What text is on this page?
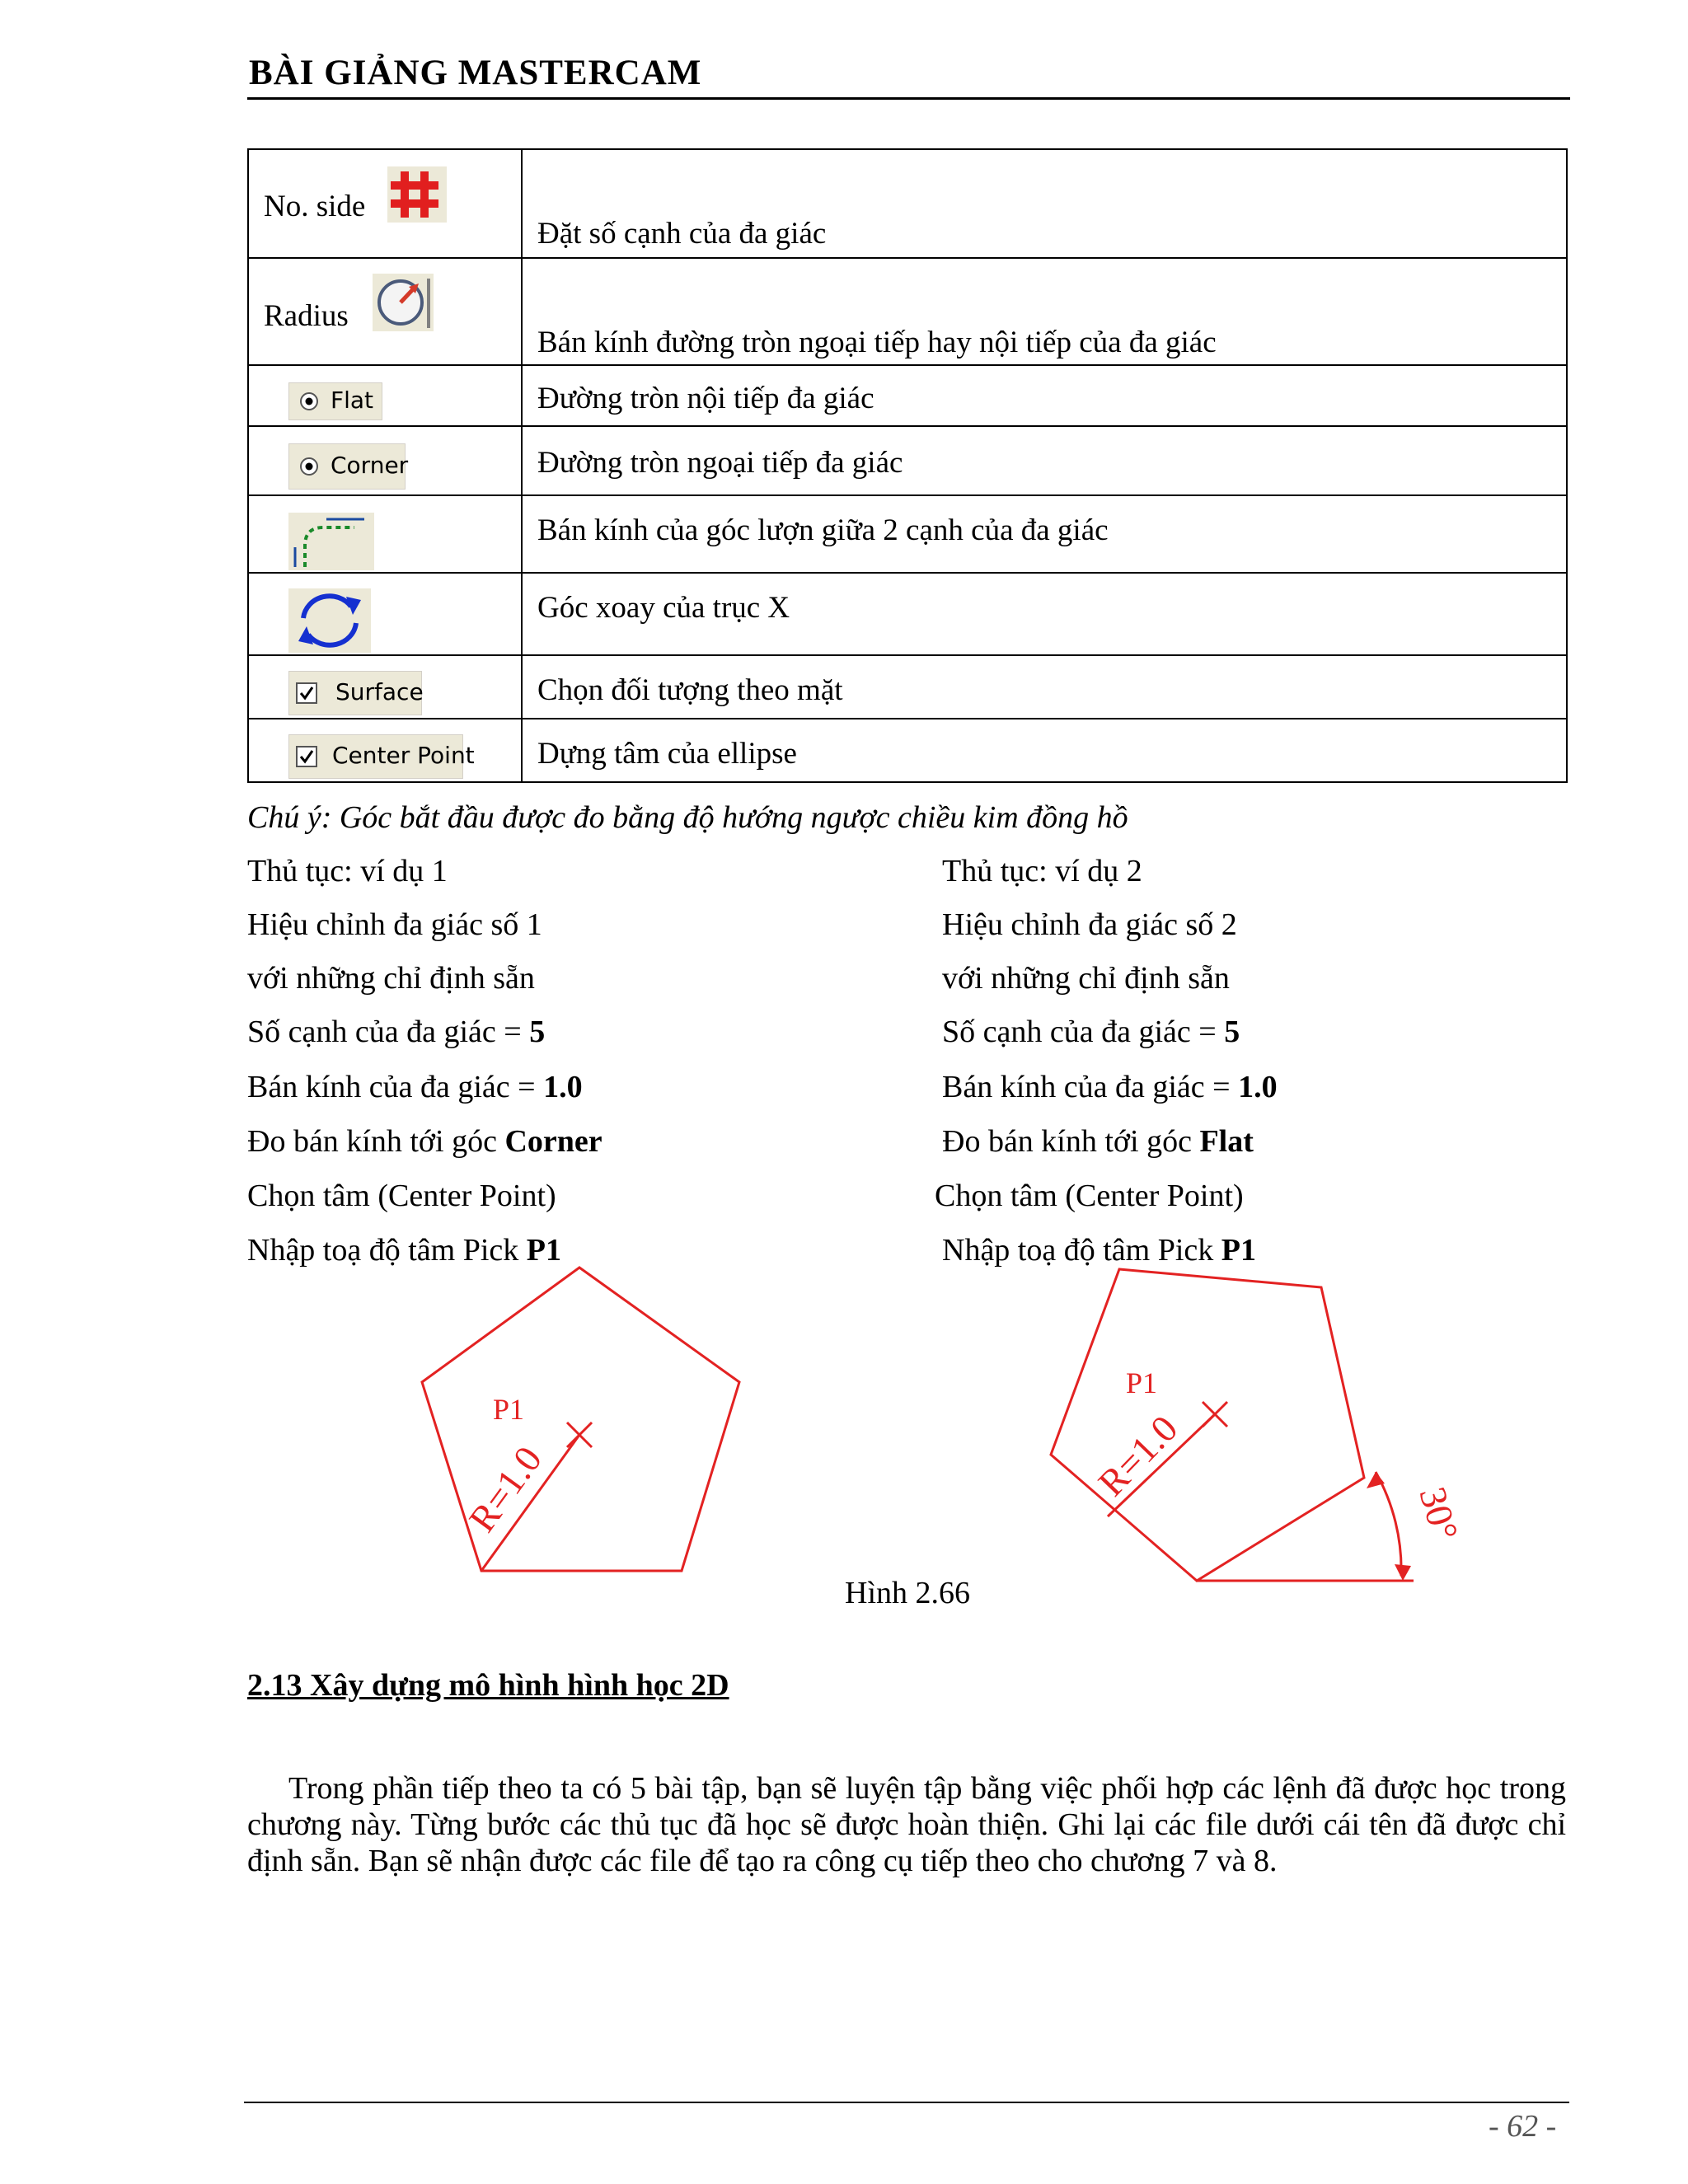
BÀI GIẢNG MASTERCAM
No. side	Đặt số cạnh của đa giác

Radius	Bán kính đường tròn ngoại tiếp hay nội tiếp của đa giác

Flat	Đường tròn nội tiếp đa giác

Corner	Đường tròn ngoại tiếp đa giác

Bán kính của góc lượn giữa 2 cạnh của đa giác

Góc xoay của trục X

Surface	Chọn đối tượng theo mặt

Center Point	Dựng tâm của ellipse
Chú ý: Góc bắt đầu được đo bằng độ hướng ngược chiều kim đồng hồ
Thủ tục: ví dụ 1
Hiệu chỉnh đa giác số 1
với những chỉ định sẵn
Số cạnh của đa giác = 5
Bán kính của đa giác = 1.0
Đo bán kính tới góc Corner
Chọn tâm (Center Point)
Nhập toạ độ tâm Pick P1
Thủ tục: ví dụ 2
Hiệu chỉnh đa giác số 2
với những chỉ định sẵn
Số cạnh của đa giác = 5
Bán kính của đa giác = 1.0
Đo bán kính tới góc Flat
Chọn tâm (Center Point)
Nhập toạ độ tâm Pick P1
P1
R=1.0
P1
R=1.0
30°
Hình 2.66
2.13 Xây dựng mô hình hình học 2D
Trong phần tiếp theo ta có 5 bài tập, bạn sẽ luyện tập bằng việc phối hợp các lệnh đã được học trong chương này. Từng bước các thủ tục đã học sẽ được hoàn thiện. Ghi lại các file dưới cái tên đã được chỉ định sẵn. Bạn sẽ nhận được các file để tạo ra công cụ tiếp theo cho chương 7 và 8.
- 62 -
